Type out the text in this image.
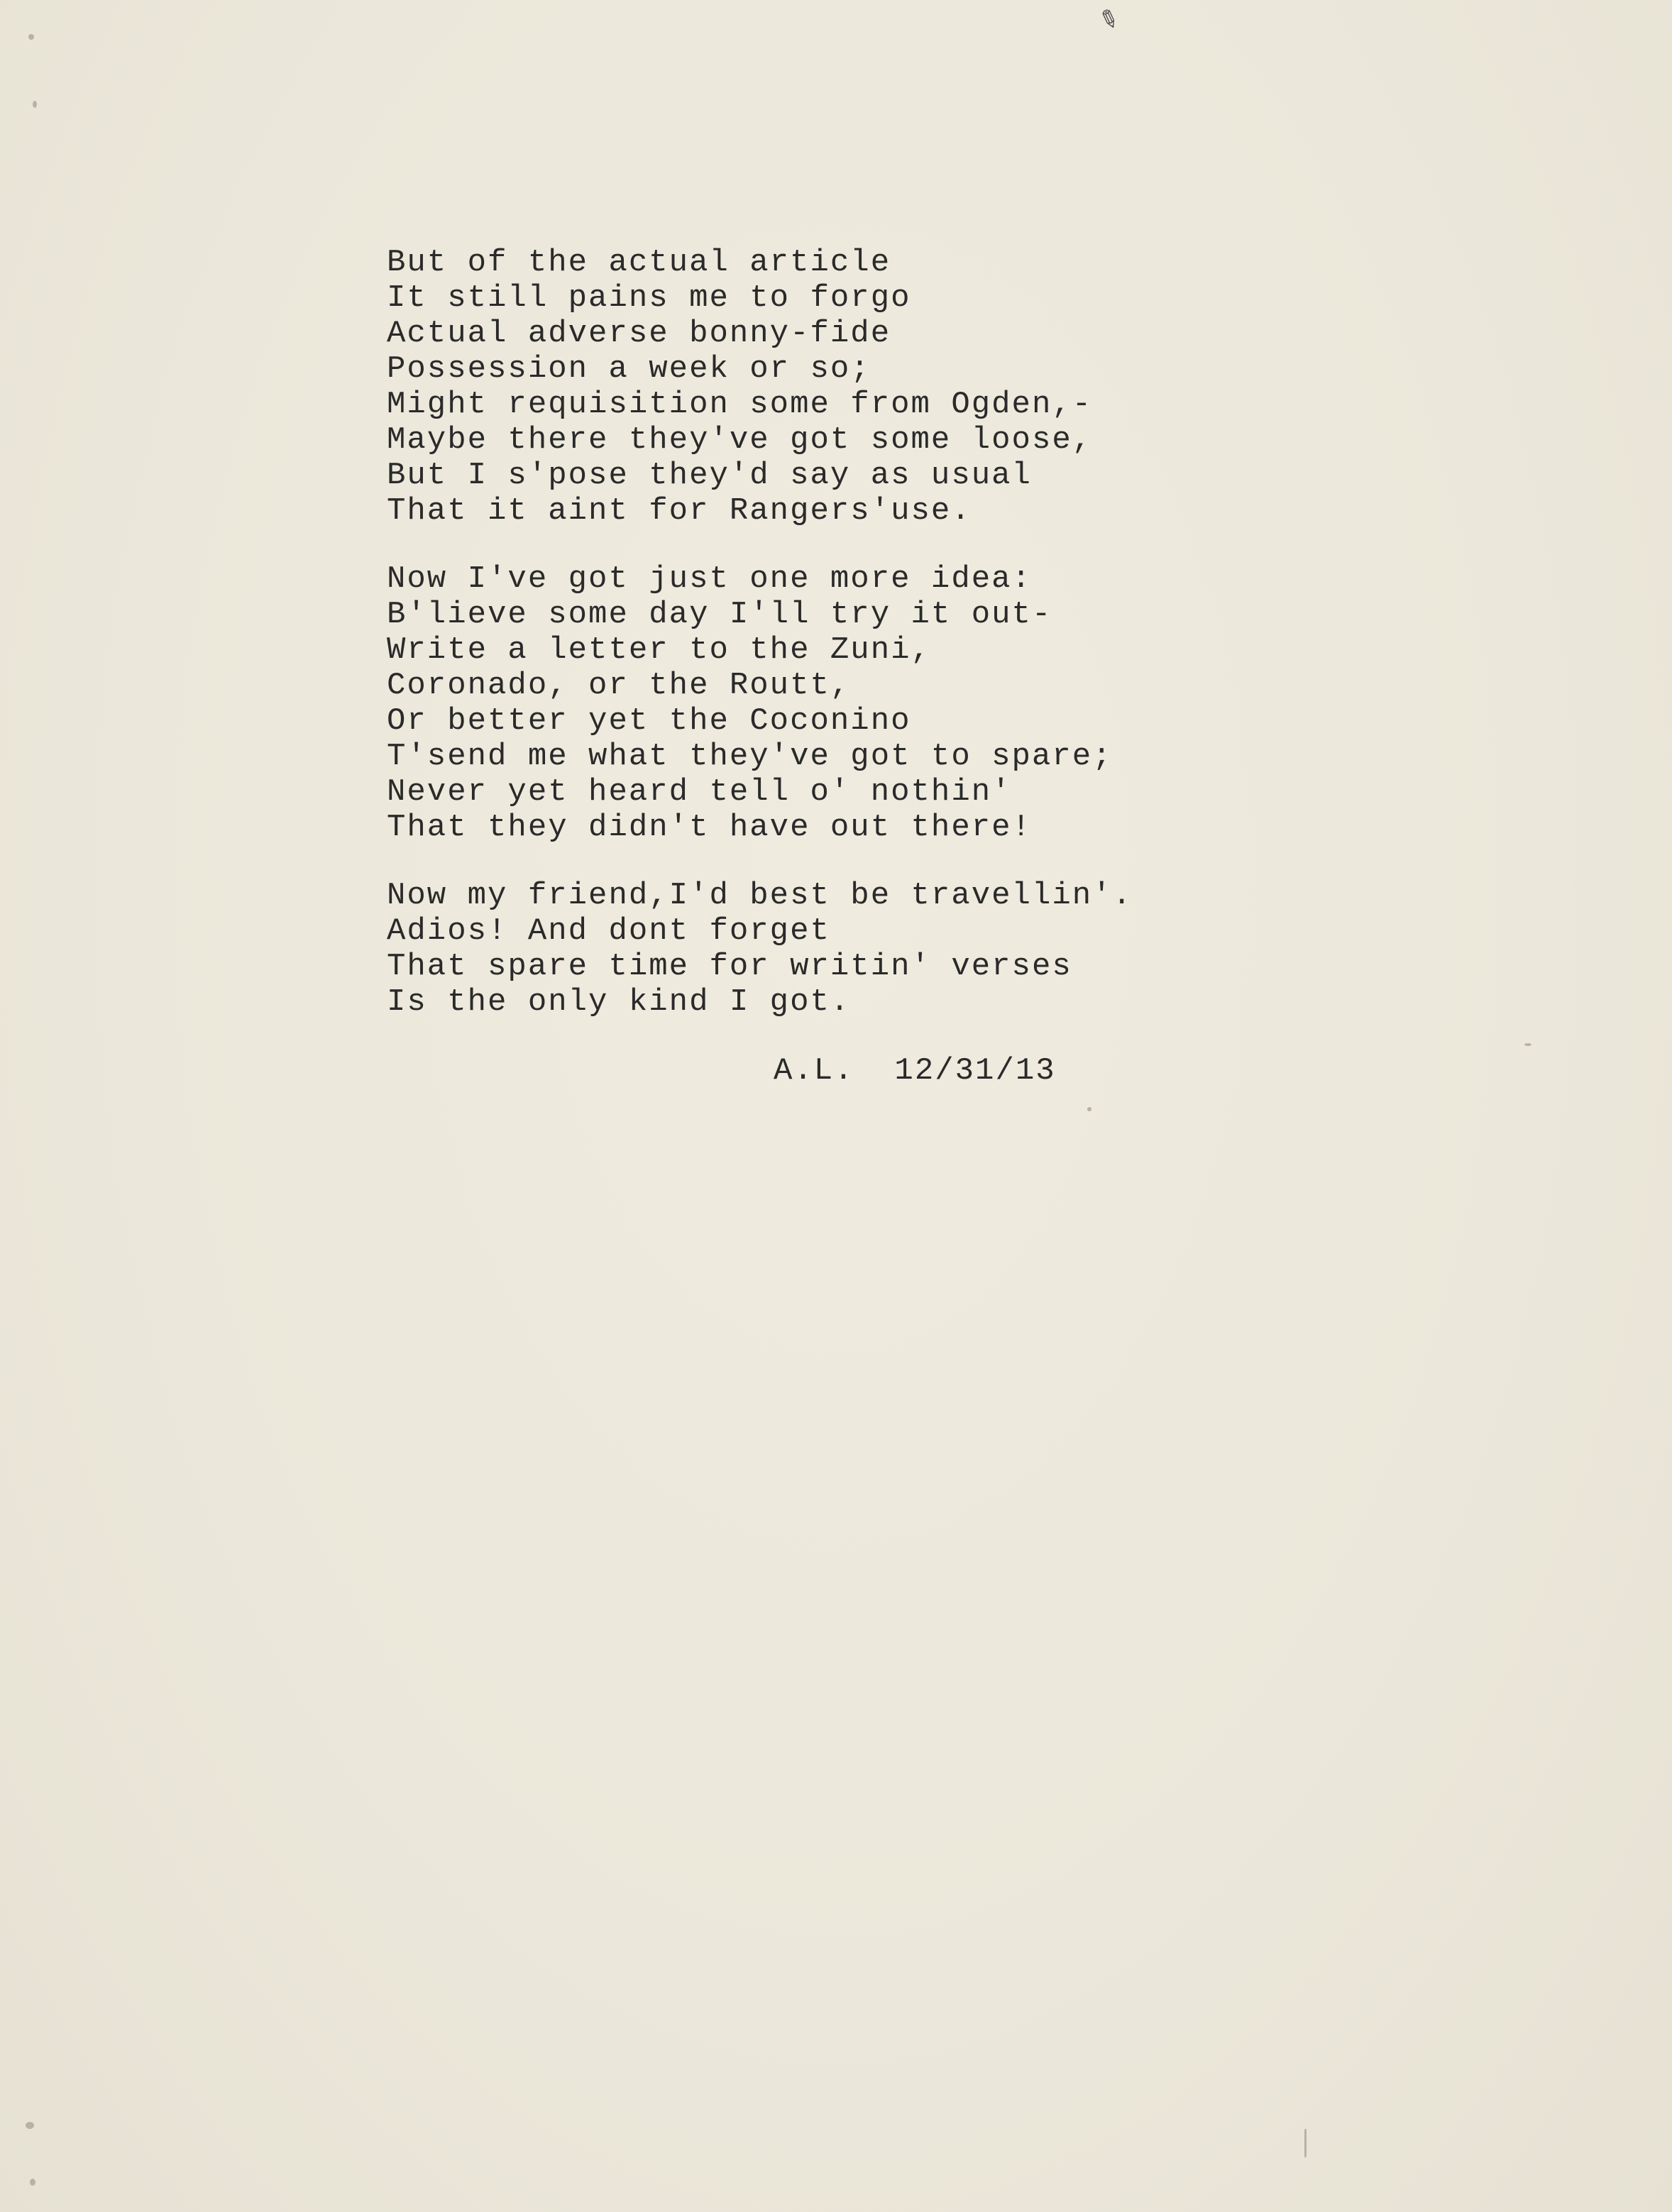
✎
But of the actual article
It still pains me to forgo
Actual adverse bonny-fide
Possession a week or so;
Might requisition some from Ogden,-
Maybe there they've got some loose,
But I s'pose they'd say as usual
That it aint for Rangers'use.
Now I've got just one more idea:
B'lieve some day I'll try it out-
Write a letter to the Zuni,
Coronado, or the Routt,
Or better yet the Coconino
T'send me what they've got to spare;
Never yet heard tell o' nothin'
That they didn't have out there!
Now my friend,I'd best be travellin'.
Adios! And dont forget
That spare time for writin' verses
Is the only kind I got.
A.L.  12/31/13
